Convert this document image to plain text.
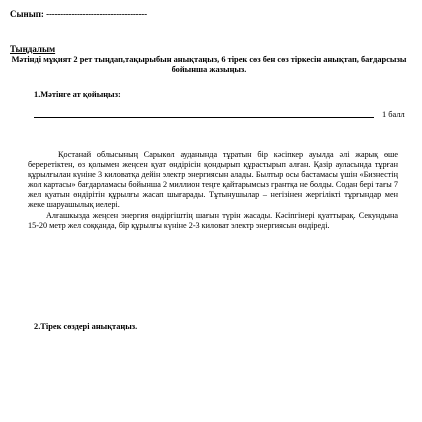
Сынып: ------------------------------------
Тыңдалым
Мәтінді мұқият 2 рет тыңдап,тақырыбын анықтаңыз, 6 тірек сөз бен сөз тіркесін анықтап, бағдарсызы бойынша жазыңыз.
1.Мәтінге ат қойыңыз:
1 балл

Қостанай облысының Сарыкөл ауданында тұратын бір кәсіпкер ауылда әлі жарық өше береретіктен, өз қолымен жеңсен қуат өндірісін қондырып құрастырып алған. Қазір ауласында тұрған құрылғылан күніне 3 киловатқа дейін электр энергиясын алады. Былтыр осы бастамасы үшін «Бизнестің жол картасы» бағдарламасы бойынша 2 миллион теңге қайтарымсыз грантқа не болды. Содан бері тағы 7 жел қуатын өндірітін құрылғы жасап шығарады. Тұтынушылар – негізінен жергілікті тұрғындар мен жеке шаруашылық иелері.

Алғашкызда жеңсен энергия өндіргіштің шағын түрін жасады. Кәсіпгінері қуаттырақ. Секундына 15-20 метр жел соққанда, бір құрылғы күніне 2-3 киловат электр энергиясын өндіреді.

2.Тірек сөздері анықтаңыз.
